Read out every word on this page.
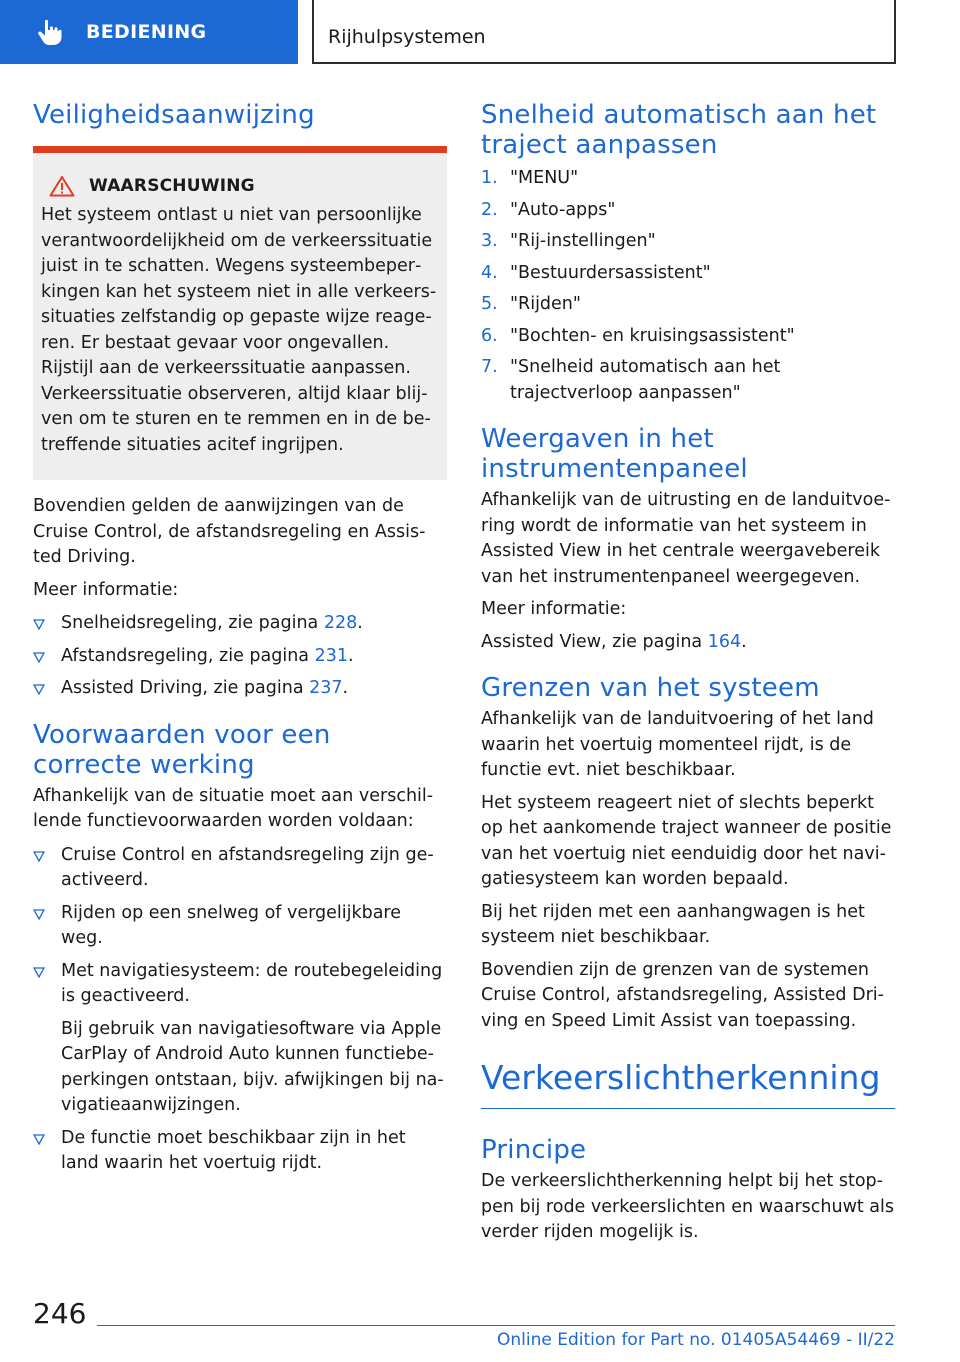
BEDIENING	Rijhulpsystemen
Veiligheidsaanwijzing
WAARSCHUWING

Het systeem ontlast u niet van persoonlijke verantwoordelijkheid om de verkeerssituatie juist in te schatten. Wegens systeembeperkingen kan het systeem niet in alle verkeerssituaties zelfstandig op gepaste wijze reageren. Er bestaat gevaar voor ongevallen. Rijstijl aan de verkeerssituatie aanpassen. Verkeerssituatie observeren, altijd klaar blijven om te sturen en te remmen en in de betreffende situaties acitef ingrijpen.

Bovendien gelden de aanwijzingen van de Cruise Control, de afstandsregeling en Assisted Driving.

Meer informatie:

Snelheidsregeling, zie pagina 228.
Afstandsregeling, zie pagina 231.
Assisted Driving, zie pagina 237.
Voorwaarden voor een correcte werking

Afhankelijk van de situatie moet aan verschillende functievoorwaarden worden voldaan:

Cruise Control en afstandsregeling zijn geactiveerd.
Rijden op een snelweg of vergelijkbare weg.
Met navigatiesysteem: de routebegeleiding is geactiveerd.
Bij gebruik van navigatiesoftware via Apple CarPlay of Android Auto kunnen functiebeperkingen ontstaan, bijv. afwijkingen bij navigatieaanwijzingen.
De functie moet beschikbaar zijn in het land waarin het voertuig rijdt.
Snelheid automatisch aan het traject aanpassen
1. "MENU"
2. "Auto-apps"
3. "Rij-instellingen"
4. "Bestuurdersassistent"
5. "Rijden"
6. "Bochten- en kruisingsassistent"
7. "Snelheid automatisch aan het trajectverloop aanpassen"
Weergaven in het instrumentenpaneel

Afhankelijk van de uitrusting en de landuitvoering wordt de informatie van het systeem in Assisted View in het centrale weergavebereik van het instrumentenpaneel weergegeven.

Meer informatie:

Assisted View, zie pagina 164.

Grenzen van het systeem

Afhankelijk van de landuitvoering of het land waarin het voertuig momenteel rijdt, is de functie evt. niet beschikbaar.

Het systeem reageert niet of slechts beperkt op het aankomende traject wanneer de positie van het voertuig niet eenduidig door het navigatiesysteem kan worden bepaald.

Bij het rijden met een aanhangwagen is het systeem niet beschikbaar.

Bovendien zijn de grenzen van de systemen Cruise Control, afstandsregeling, Assisted Driving en Speed Limit Assist van toepassing.

Verkeerslichtherkenning
Principe

De verkeerslichtherkenning helpt bij het stoppen bij rode verkeerslichten en waarschuwt als verder rijden mogelijk is.

246
Online Edition for Part no. 01405A54469 - II/22
